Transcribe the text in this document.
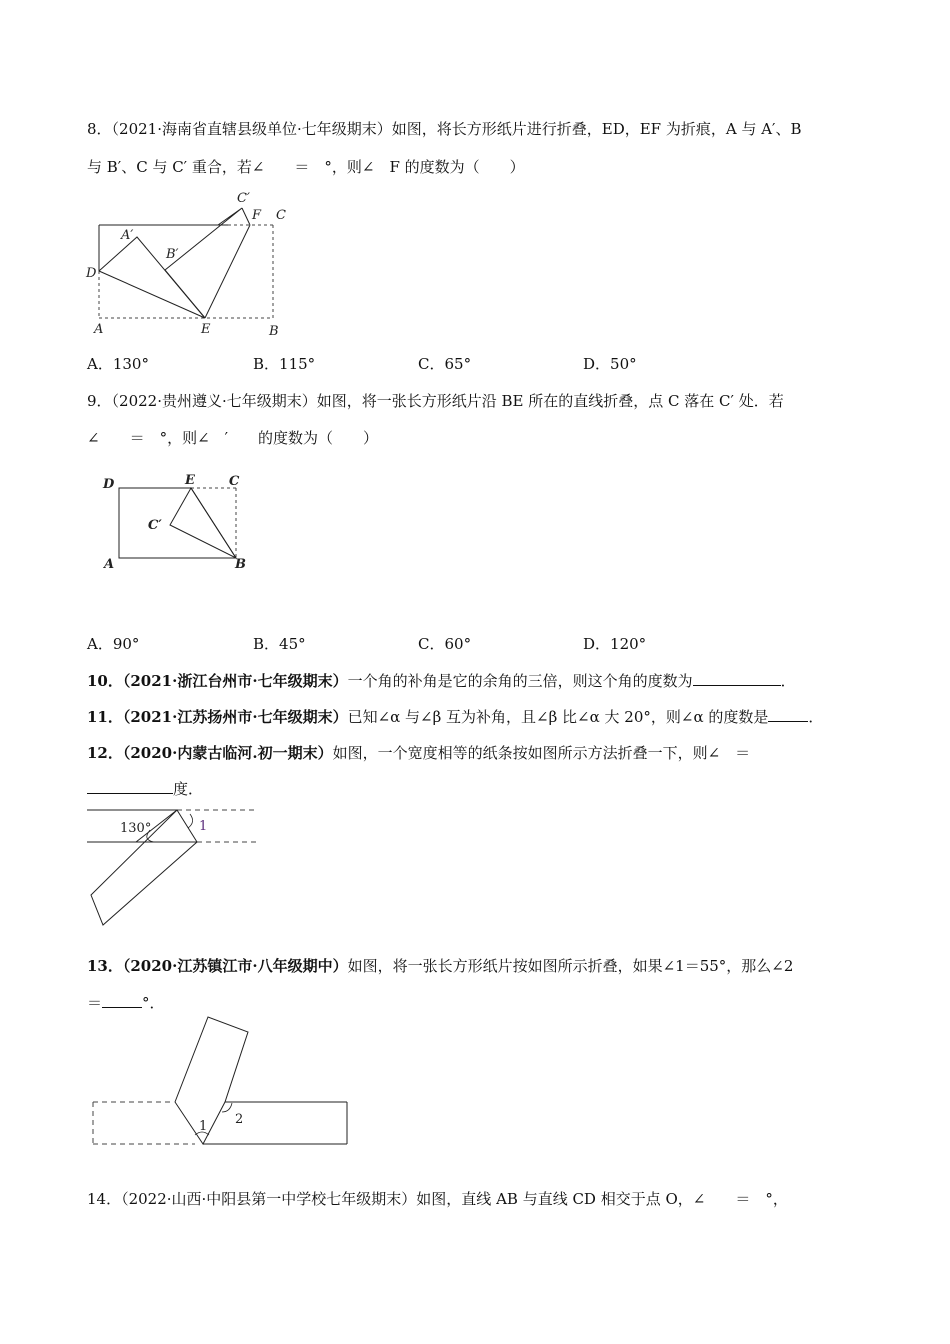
8．（2021·海南省直辖县级单位·七年级期末）如图，将长方形纸片进行折叠，ED，EF 为折痕，A 与 A′、B
与 B′、C 与 C′ 重合，若∠　　＝　°，则∠　F 的度数为（　　）
C′
F C
A′
B′
D
A	E	B
A．130°	B．115°	C．65°	D．50°
9．（2022·贵州遵义·七年级期末）如图，将一张长方形纸片沿 BE 所在的直线折叠，点 C 落在 C′ 处．若
∠　　＝　°，则∠　′　　的度数为（　　）
D	E	C
C′
A	B
A．90°	B．45°	C．60°	D．120°
10．（2021·浙江台州市·七年级期末）一个角的补角是它的余角的三倍，则这个角的度数为	．
11．（2021·江苏扬州市·七年级期末）已知∠α 与∠β 互为补角，且∠β 比∠α 大 20°，则∠α 的度数是	．
12．（2020·内蒙古临河.初一期末）如图，一个宽度相等的纸条按如图所示方法折叠一下，则∠　＝
度．
130°	1
13．（2020·江苏镇江市·八年级期中）如图，将一张长方形纸片按如图所示折叠，如果∠1＝55°，那么∠2
＝	°．
1 2
14．（2022·山西·中阳县第一中学校七年级期末）如图，直线 AB 与直线 CD 相交于点 O，∠　　＝　°，
